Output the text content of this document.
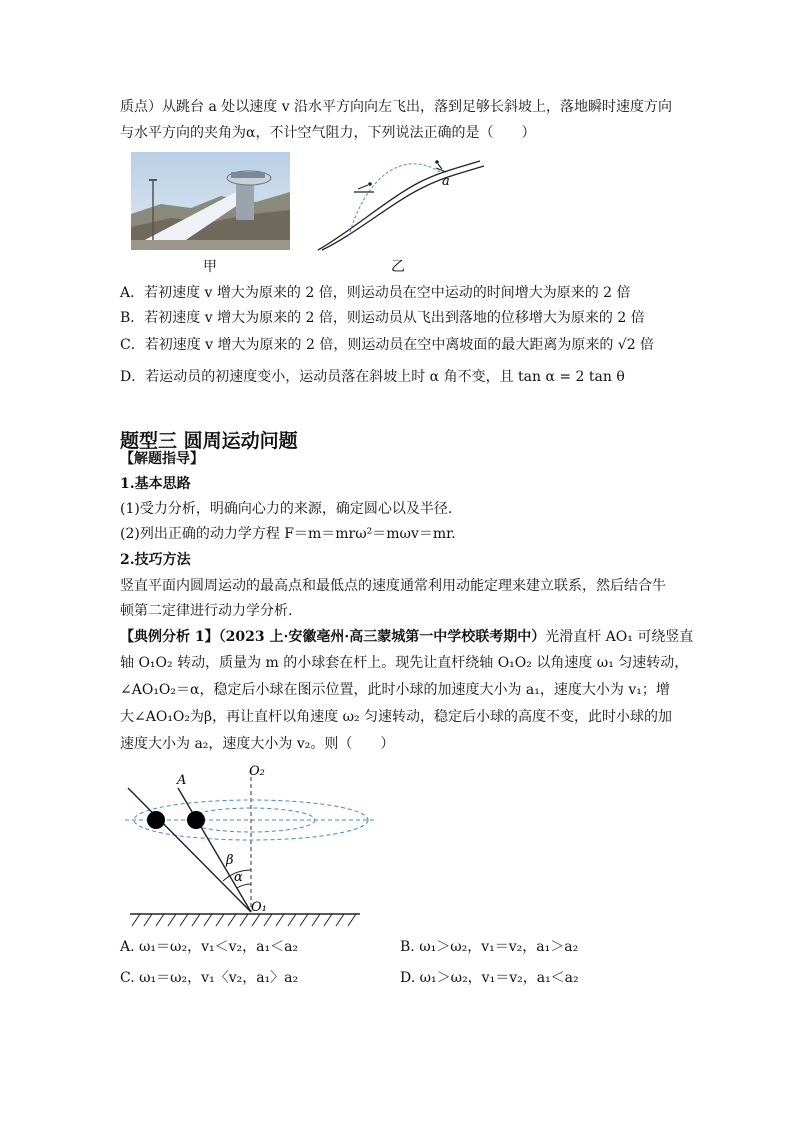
质点）从跳台 a 处以速度 v 沿水平方向向左飞出，落到足够长斜坡上，落地瞬时速度方向
与水平方向的夹角为α，不计空气阻力，下列说法正确的是（　　）
甲
a
乙
A．若初速度 v 增大为原来的 2 倍，则运动员在空中运动的时间增大为原来的 2 倍
B．若初速度 v 增大为原来的 2 倍，则运动员从飞出到落地的位移增大为原来的 2 倍
C．若初速度 v 增大为原来的 2 倍，则运动员在空中离坡面的最大距离为原来的 √2 倍
D．若运动员的初速度变小，运动员落在斜坡上时 α 角不变，且 tan α = 2 tan θ
题型三 圆周运动问题
【解题指导】
1.基本思路
(1)受力分析，明确向心力的来源，确定圆心以及半径.
(2)列出正确的动力学方程 F＝m＝mrω²＝mωv＝mr.
2.技巧方法
竖直平面内圆周运动的最高点和最低点的速度通常利用动能定理来建立联系，然后结合牛
顿第二定律进行动力学分析.
【典例分析 1】（2023 上·安徽亳州·高三蒙城第一中学校联考期中）光滑直杆 AO₁ 可绕竖直
轴 O₁O₂ 转动，质量为 m 的小球套在杆上。现先让直杆绕轴 O₁O₂ 以角速度 ω₁ 匀速转动，
∠AO₁O₂＝α，稳定后小球在图示位置，此时小球的加速度大小为 a₁，速度大小为 v₁；增
大∠AO₁O₂为β，再让直杆以角速度 ω₂ 匀速转动，稳定后小球的高度不变，此时小球的加
速度大小为 a₂，速度大小为 v₂。则（　　）
A
O₂
O₁
β
α
A. ω₁＝ω₂，v₁＜v₂，a₁＜a₂	B. ω₁＞ω₂，v₁＝v₂，a₁＞a₂
C. ω₁＝ω₂，v₁〈v₂，a₁〉a₂	D. ω₁＞ω₂，v₁＝v₂，a₁＜a₂
